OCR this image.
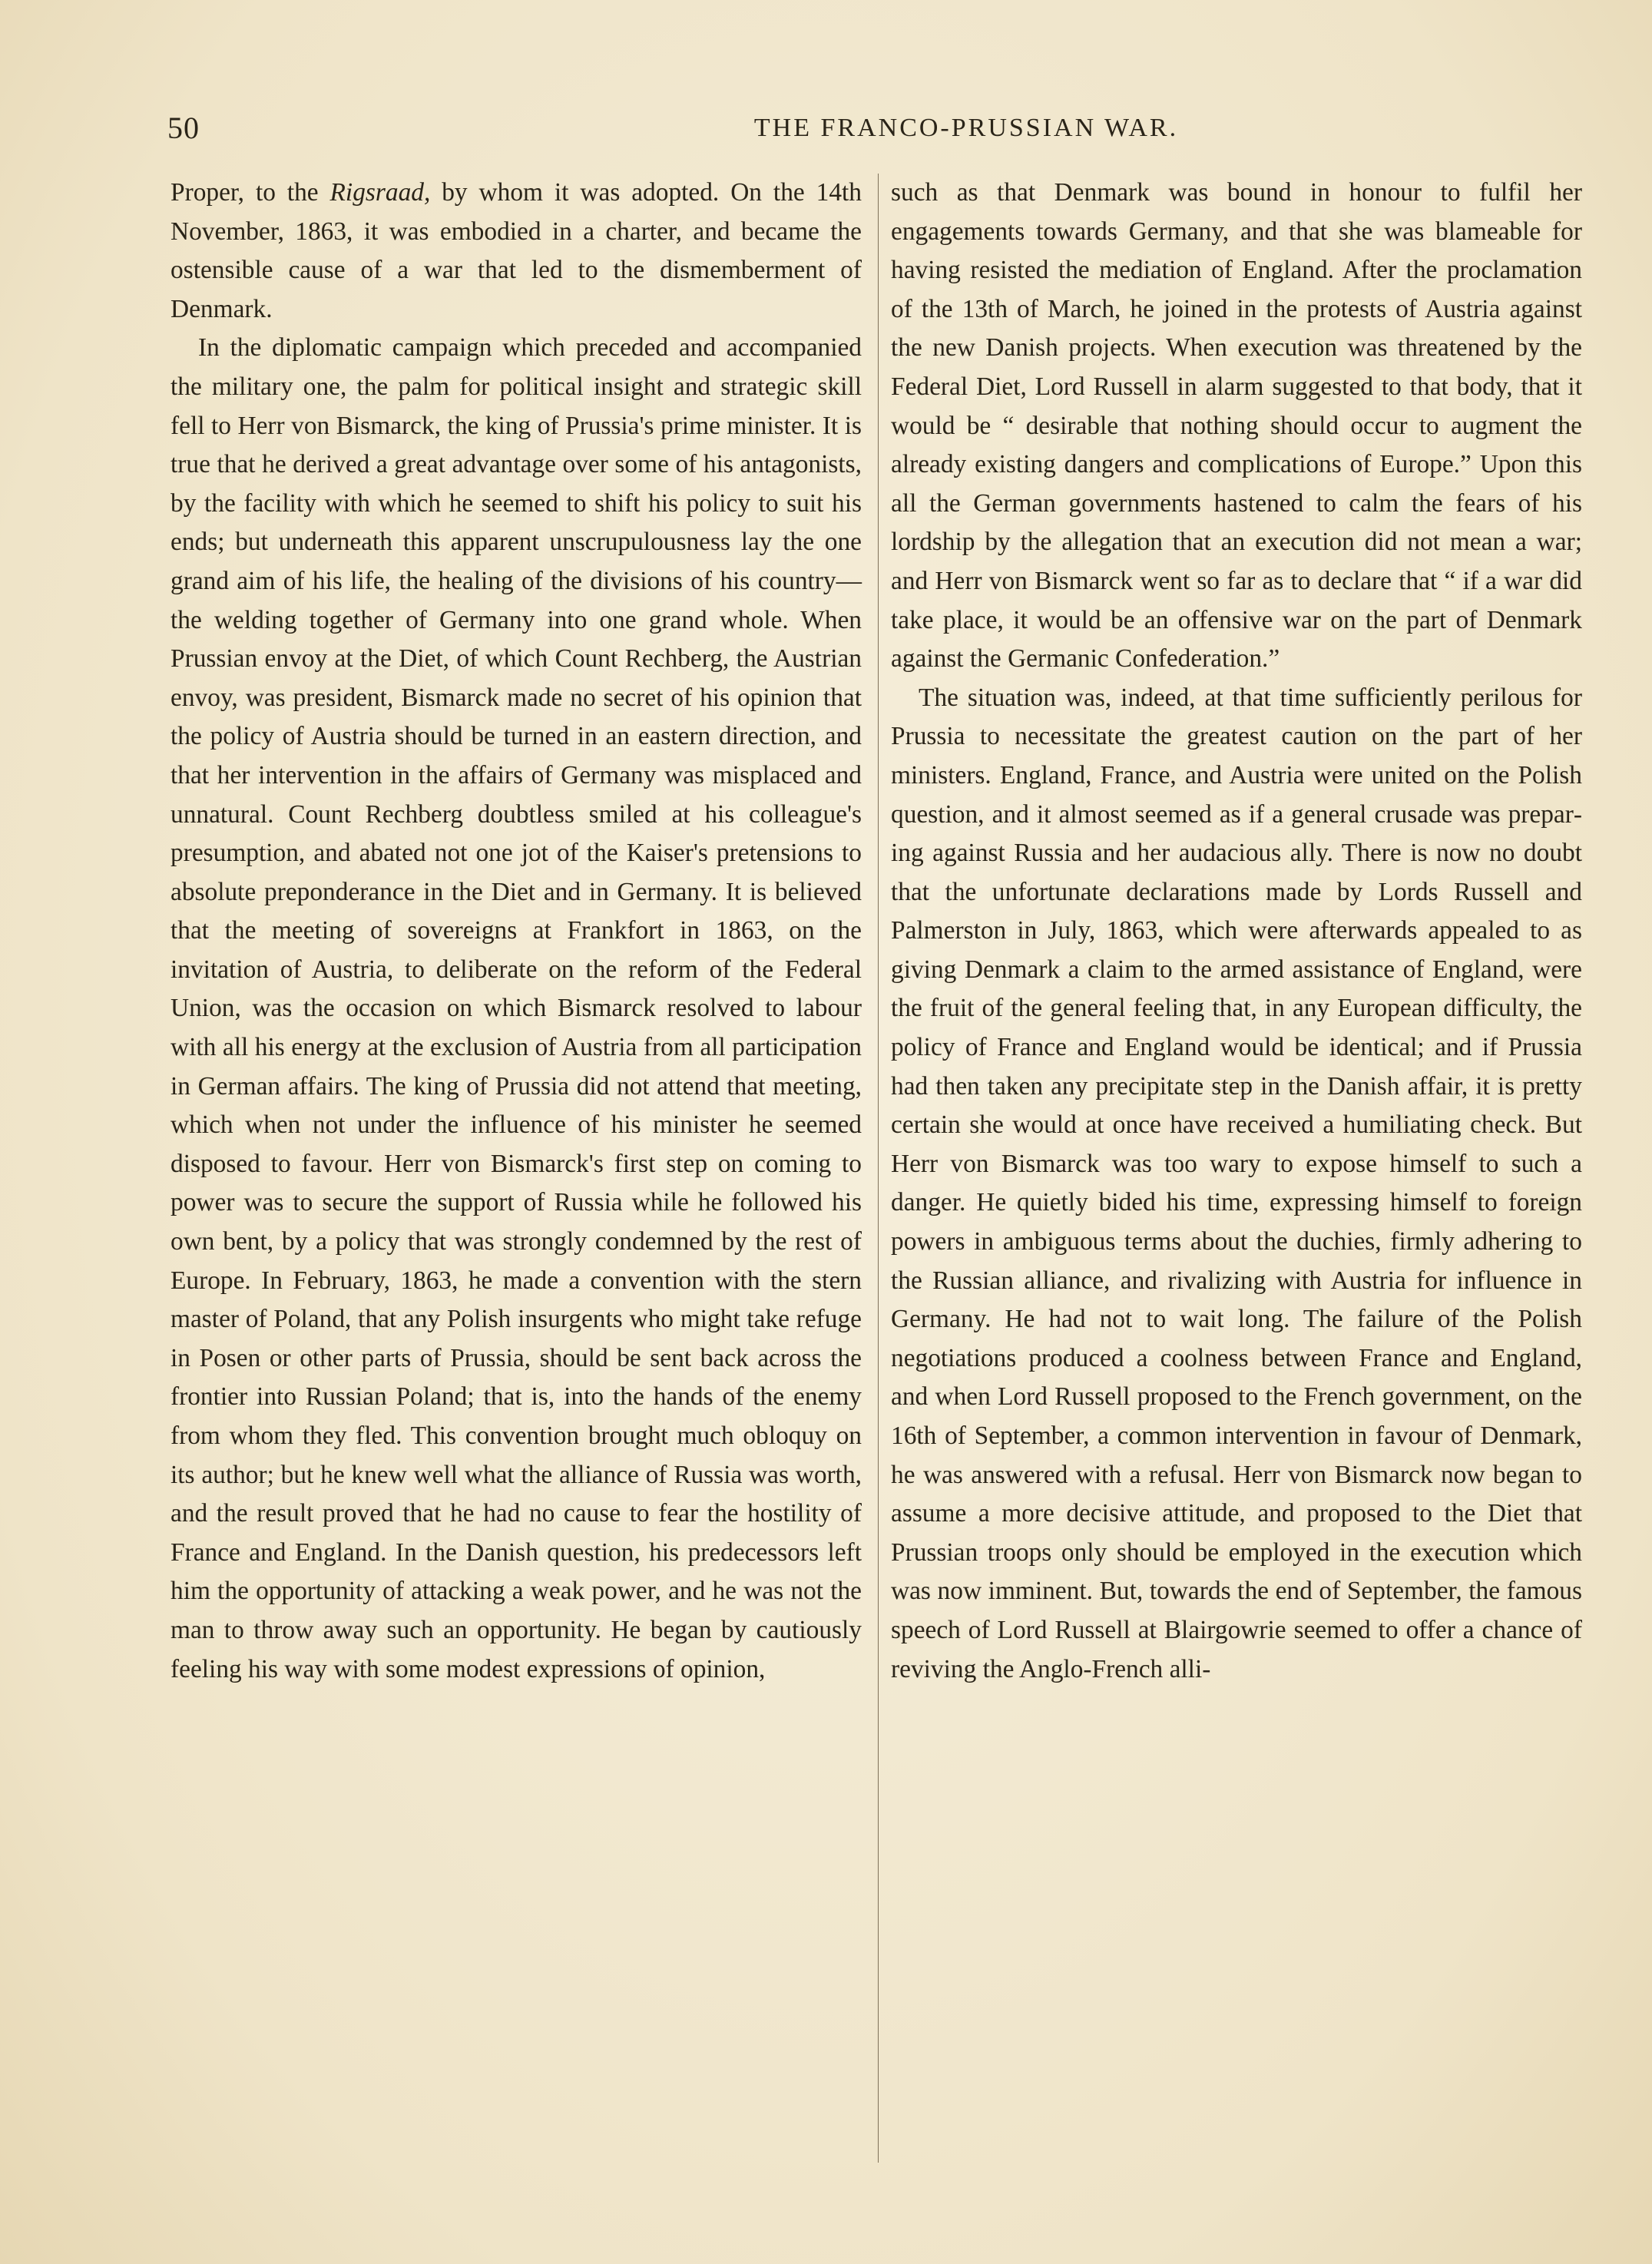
50	THE FRANCO-PRUSSIAN WAR.

Proper, to the Rigsraad, by whom it was adopted. On the 14th November, 1863, it was embodied in a charter, and became the ostensible cause of a war that led to the dismemberment of Denmark.

In the diplomatic campaign which preceded and accompanied the military one, the palm for political insight and strategic skill fell to Herr von Bismarck, the king of Prussia's prime minister. It is true that he derived a great advantage over some of his antagonists, by the facility with which he seemed to shift his policy to suit his ends; but underneath this apparent unscrupulousness lay the one grand aim of his life, the healing of the divisions of his country—the welding together of Germany into one grand whole. When Prussian envoy at the Diet, of which Count Rechberg, the Austrian envoy, was president, Bismarck made no secret of his opinion that the policy of Austria should be turned in an eastern direction, and that her intervention in the affairs of Germany was misplaced and unnatural. Count Rechberg doubtless smiled at his colleague's presumption, and abated not one jot of the Kaiser's pretensions to absolute preponderance in the Diet and in Germany. It is believed that the meeting of sovereigns at Frankfort in 1863, on the invitation of Austria, to deliberate on the reform of the Federal Union, was the occasion on which Bismarck resolved to labour with all his energy at the exclusion of Austria from all participation in German affairs. The king of Prussia did not attend that meeting, which when not under the influence of his minister he seemed disposed to favour. Herr von Bismarck's first step on coming to power was to secure the support of Russia while he followed his own bent, by a policy that was strongly condemned by the rest of Europe. In February, 1863, he made a convention with the stern master of Poland, that any Polish insurgents who might take refuge in Posen or other parts of Prussia, should be sent back across the frontier into Russian Poland; that is, into the hands of the enemy from whom they fled. This convention brought much obloquy on its author; but he knew well what the alliance of Russia was worth, and the result proved that he had no cause to fear the hostility of France and England. In the Danish question, his predecessors left him the opportunity of attacking a weak power, and he was not the man to throw away such an opportunity. He began by cautiously feeling his way with some modest expressions of opinion,

such as that Denmark was bound in honour to fulfil her engagements towards Germany, and that she was blameable for having resisted the mediation of England. After the proclamation of the 13th of March, he joined in the protests of Austria against the new Danish projects. When execution was threatened by the Federal Diet, Lord Russell in alarm suggested to that body, that it would be “ desirable that nothing should occur to augment the already existing dangers and complications of Europe.” Upon this all the German governments hastened to calm the fears of his lordship by the allegation that an execution did not mean a war; and Herr von Bismarck went so far as to declare that “ if a war did take place, it would be an offensive war on the part of Denmark against the Germanic Confederation.”

The situation was, indeed, at that time sufficiently perilous for Prussia to necessitate the greatest caution on the part of her ministers. England, France, and Austria were united on the Polish question, and it almost seemed as if a general crusade was preparing against Russia and her audacious ally. There is now no doubt that the unfortunate declarations made by Lords Russell and Palmerston in July, 1863, which were afterwards appealed to as giving Denmark a claim to the armed assistance of England, were the fruit of the general feeling that, in any European difficulty, the policy of France and England would be identical; and if Prussia had then taken any precipitate step in the Danish affair, it is pretty certain she would at once have received a humiliating check. But Herr von Bismarck was too wary to expose himself to such a danger. He quietly bided his time, expressing himself to foreign powers in ambiguous terms about the duchies, firmly adhering to the Russian alliance, and rivalizing with Austria for influence in Germany. He had not to wait long. The failure of the Polish negotiations produced a coolness between France and England, and when Lord Russell proposed to the French government, on the 16th of September, a common intervention in favour of Denmark, he was answered with a refusal. Herr von Bismarck now began to assume a more decisive attitude, and proposed to the Diet that Prussian troops only should be employed in the execution which was now imminent. But, towards the end of September, the famous speech of Lord Russell at Blairgowrie seemed to offer a chance of reviving the Anglo-French alli-
